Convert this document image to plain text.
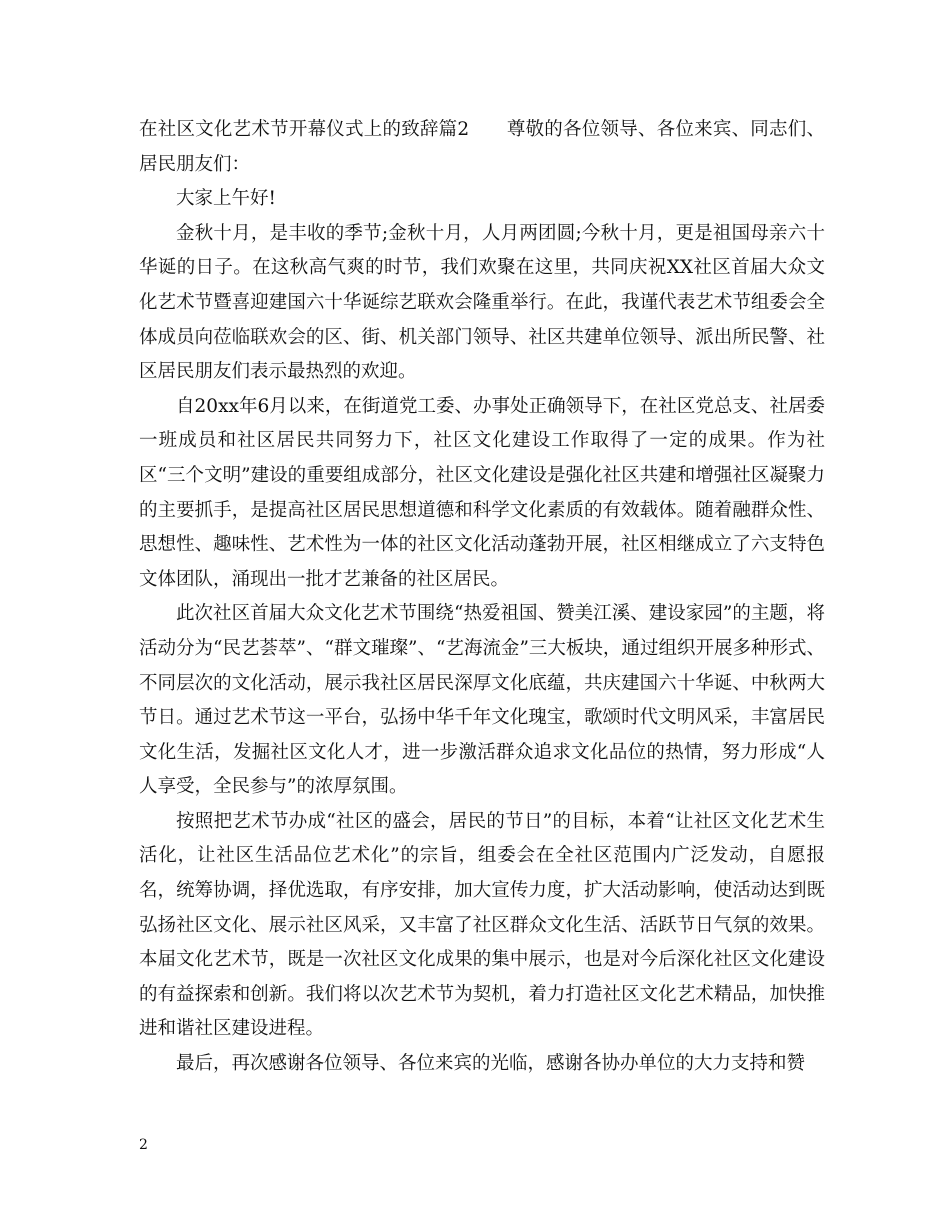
在社区文化艺术节开幕仪式上的致辞篇2　　尊敬的各位领导、各位来宾、同志们、居民朋友们：

大家上午好!

金秋十月，是丰收的季节;金秋十月，人月两团圆;今秋十月，更是祖国母亲六十华诞的日子。在这秋高气爽的时节，我们欢聚在这里，共同庆祝XX社区首届大众文化艺术节暨喜迎建国六十华诞综艺联欢会隆重举行。在此，我谨代表艺术节组委会全体成员向莅临联欢会的区、街、机关部门领导、社区共建单位领导、派出所民警、社区居民朋友们表示最热烈的欢迎。

自20xx年6月以来，在街道党工委、办事处正确领导下，在社区党总支、社居委一班成员和社区居民共同努力下，社区文化建设工作取得了一定的成果。作为社区“三个文明”建设的重要组成部分，社区文化建设是强化社区共建和增强社区凝聚力的主要抓手，是提高社区居民思想道德和科学文化素质的有效载体。随着融群众性、思想性、趣味性、艺术性为一体的社区文化活动蓬勃开展，社区相继成立了六支特色文体团队，涌现出一批才艺兼备的社区居民。

此次社区首届大众文化艺术节围绕“热爱祖国、赞美江溪、建设家园”的主题，将活动分为“民艺荟萃”、“群文璀璨”、“艺海流金”三大板块，通过组织开展多种形式、不同层次的文化活动，展示我社区居民深厚文化底蕴，共庆建国六十华诞、中秋两大节日。通过艺术节这一平台，弘扬中华千年文化瑰宝，歌颂时代文明风采，丰富居民文化生活，发掘社区文化人才，进一步激活群众追求文化品位的热情，努力形成“人人享受，全民参与”的浓厚氛围。

按照把艺术节办成“社区的盛会，居民的节日”的目标，本着“让社区文化艺术生活化，让社区生活品位艺术化”的宗旨，组委会在全社区范围内广泛发动，自愿报名，统筹协调，择优选取，有序安排，加大宣传力度，扩大活动影响，使活动达到既弘扬社区文化、展示社区风采，又丰富了社区群众文化生活、活跃节日气氛的效果。本届文化艺术节，既是一次社区文化成果的集中展示，也是对今后深化社区文化建设的有益探索和创新。我们将以次艺术节为契机，着力打造社区文化艺术精品，加快推进和谐社区建设进程。

最后，再次感谢各位领导、各位来宾的光临，感谢各协办单位的大力支持和赞

2
